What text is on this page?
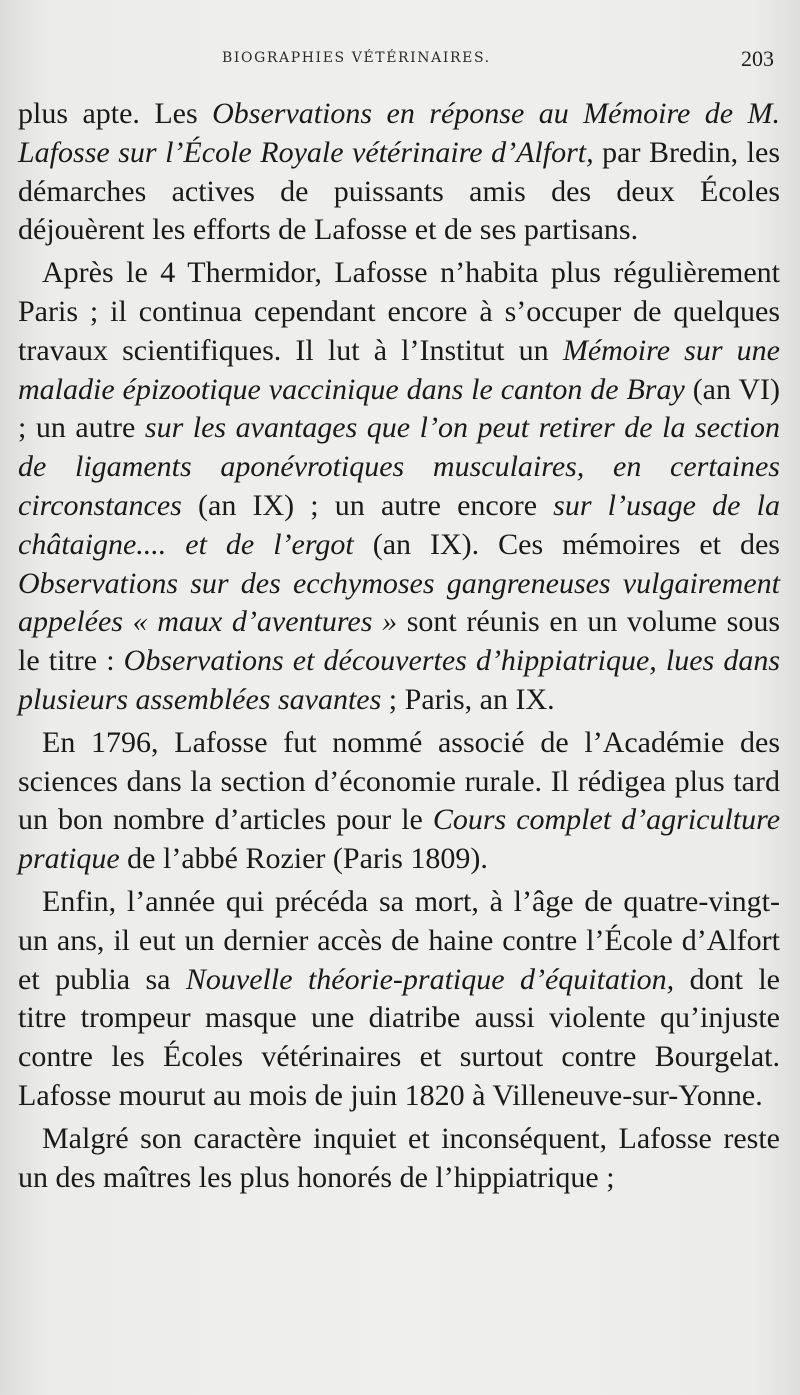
BIOGRAPHIES VÉTÉRINAIRES.	203

plus apte. Les Observations en réponse au Mémoire de M. Lafosse sur l’École Royale vétérinaire d’Alfort, par Bredin, les démarches actives de puissants amis des deux Écoles déjouèrent les efforts de Lafosse et de ses partisans.

Après le 4 Thermidor, Lafosse n’habita plus régulièrement Paris ; il continua cependant encore à s’occuper de quelques travaux scientifiques. Il lut à l’Institut un Mémoire sur une maladie épizootique vaccinique dans le canton de Bray (an VI) ; un autre sur les avantages que l’on peut retirer de la section de ligaments aponévrotiques musculaires, en certaines circonstances (an IX) ; un autre encore sur l’usage de la châtaigne.... et de l’ergot (an IX). Ces mémoires et des Observations sur des ecchymoses gangreneuses vulgairement appelées « maux d’aventures » sont réunis en un volume sous le titre : Observations et découvertes d’hippiatrique, lues dans plusieurs assemblées savantes ; Paris, an IX.

En 1796, Lafosse fut nommé associé de l’Académie des sciences dans la section d’économie rurale. Il rédigea plus tard un bon nombre d’articles pour le Cours complet d’agriculture pratique de l’abbé Rozier (Paris 1809).

Enfin, l’année qui précéda sa mort, à l’âge de quatre-vingt-un ans, il eut un dernier accès de haine contre l’École d’Alfort et publia sa Nouvelle théorie-pratique d’équitation, dont le titre trompeur masque une diatribe aussi violente qu’injuste contre les Écoles vétérinaires et surtout contre Bourgelat. Lafosse mourut au mois de juin 1820 à Villeneuve-sur-Yonne.

Malgré son caractère inquiet et inconséquent, Lafosse reste un des maîtres les plus honorés de l’hippiatrique ;
